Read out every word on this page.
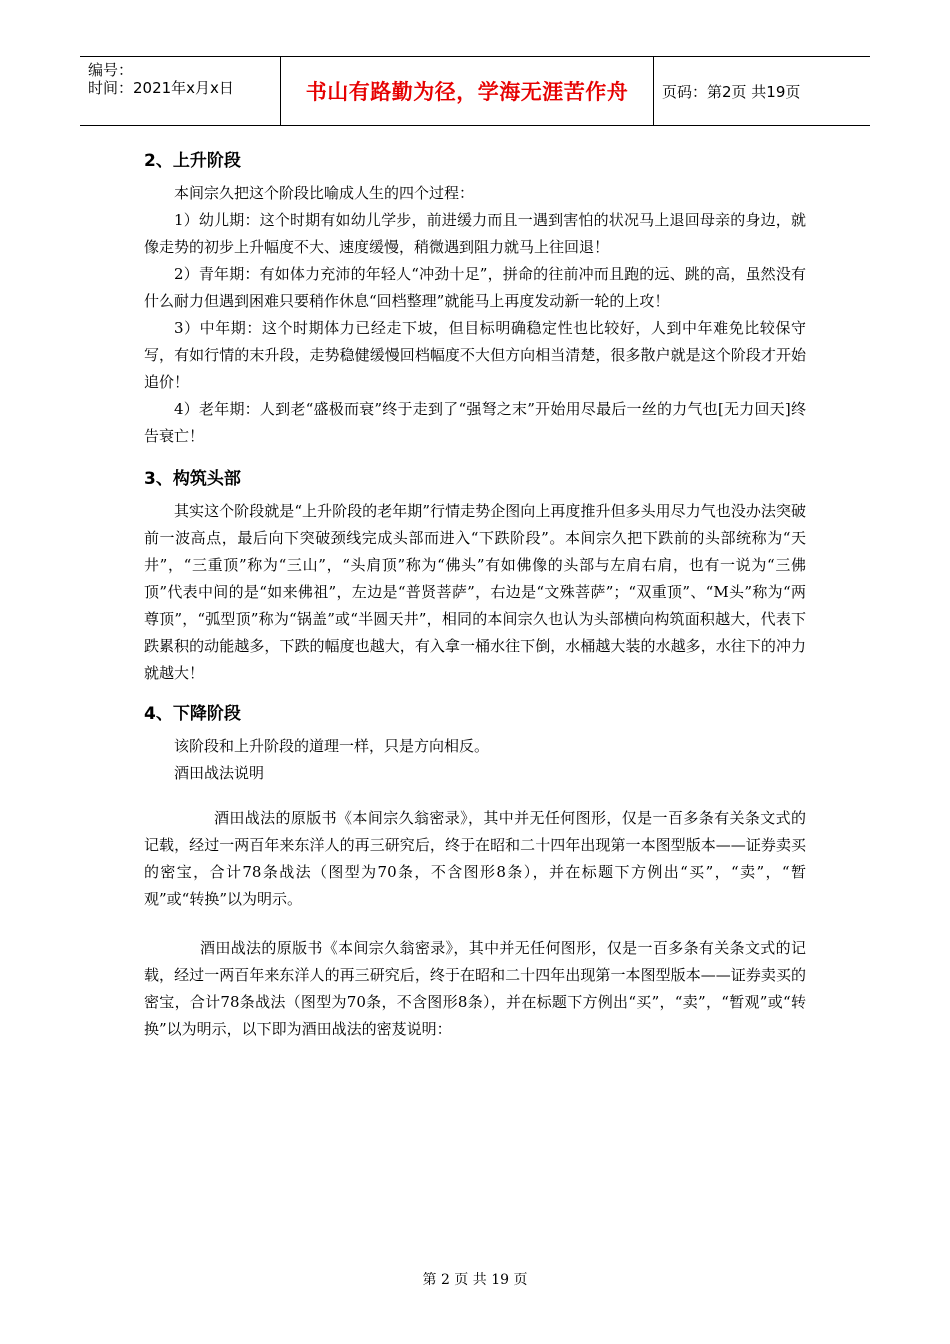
编号：
时间：2021年x月x日	书山有路勤为径，学海无涯苦作舟	页码：第2页 共19页
2、上升阶段

本间宗久把这个阶段比喻成人生的四个过程：

1）幼儿期：这个时期有如幼儿学步，前进缓力而且一遇到害怕的状况马上退回母亲的身边，就像走势的初步上升幅度不大、速度缓慢，稍微遇到阻力就马上往回退！

2）青年期：有如体力充沛的年轻人“冲劲十足”，拼命的往前冲而且跑的远、跳的高，虽然没有什么耐力但遇到困难只要稍作休息“回档整理”就能马上再度发动新一轮的上攻！

3）中年期：这个时期体力已经走下坡，但目标明确稳定性也比较好，人到中年难免比较保守写，有如行情的末升段，走势稳健缓慢回档幅度不大但方向相当清楚，很多散户就是这个阶段才开始追价！

4）老年期：人到老“盛极而衰”终于走到了“强弩之末”开始用尽最后一丝的力气也[无力回天]终告衰亡！

3、构筑头部

其实这个阶段就是“上升阶段的老年期”行情走势企图向上再度推升但多头用尽力气也没办法突破前一波高点，最后向下突破颈线完成头部而进入“下跌阶段”。本间宗久把下跌前的头部统称为“天井”，“三重顶”称为“三山”，“头肩顶”称为“佛头”有如佛像的头部与左肩右肩，也有一说为“三佛顶”代表中间的是“如来佛祖”，左边是“普贤菩萨”，右边是“文殊菩萨”；“双重顶”、“M头”称为“两尊顶”，“弧型顶”称为“锅盖”或“半圆天井”，相同的本间宗久也认为头部横向构筑面积越大，代表下跌累积的动能越多，下跌的幅度也越大，有入拿一桶水往下倒，水桶越大装的水越多，水往下的冲力就越大！

4、下降阶段

该阶段和上升阶段的道理一样，只是方向相反。

酒田战法说明

酒田战法的原版书《本间宗久翁密录》，其中并无任何图形，仅是一百多条有关条文式的记载，经过一两百年来东洋人的再三研究后，终于在昭和二十四年出现第一本图型版本——证券卖买的密宝，合计78条战法（图型为70条，不含图形8条），并在标题下方例出“买”，“卖”，“暂观”或“转换”以为明示。

酒田战法的原版书《本间宗久翁密录》，其中并无任何图形，仅是一百多条有关条文式的记载，经过一两百年来东洋人的再三研究后，终于在昭和二十四年出现第一本图型版本——证券卖买的密宝，合计78条战法（图型为70条，不含图形8条），并在标题下方例出“买”，“卖”，“暂观”或“转换”以为明示，以下即为酒田战法的密芨说明：

第 2 页 共 19 页
